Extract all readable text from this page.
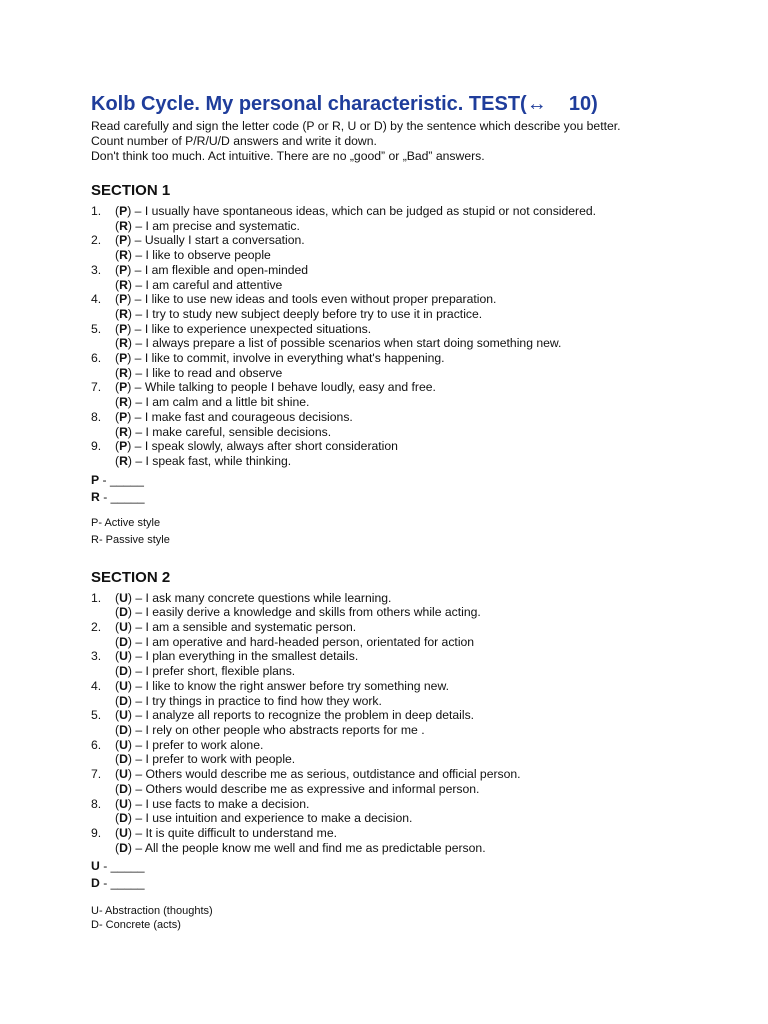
Kolb Cycle. My personal characteristic. TEST(↔    10)
Read carefully and sign the letter code (P or R, U or D) by the sentence which describe you better.
Count number of P/R/U/D answers and write it down.
Don't think too much. Act intuitive. There are no „good” or „Bad” answers.
SECTION 1
1. (P) – I usually have spontaneous ideas, which can be judged as stupid or not considered.
(R) – I am precise and systematic.
2. (P) – Usually I start a conversation.
(R) – I like to observe people
3. (P) – I am flexible and open-minded
(R) – I am careful and attentive
4. (P) – I like to use new ideas and tools even without proper preparation.
(R) – I try to study new subject deeply before try to use it in practice.
5. (P) – I like to experience unexpected situations.
(R) – I always prepare a list of possible scenarios when start doing something new.
6. (P) – I like to commit, involve in everything what's happening.
(R) – I like to read and observe
7. (P) – While talking to people I behave loudly, easy and free.
(R) – I am calm and a little bit shine.
8. (P) – I make fast and courageous decisions.
(R) – I make careful, sensible decisions.
9. (P) – I speak slowly, always after short consideration
(R) – I speak fast, while thinking.
P - _____
R - _____
P- Active style
R- Passive style
SECTION 2
1. (U) – I ask many concrete questions while learning.
(D) – I easily derive a knowledge and skills from others while acting.
2. (U) – I am a sensible and systematic person.
(D) – I am operative and hard-headed person, orientated for action
3. (U) – I plan everything in the smallest details.
(D) – I prefer short, flexible plans.
4. (U) – I like to know the right answer before try something new.
(D) – I try things in practice to find how they work.
5. (U) – I analyze all reports to recognize the problem in deep details.
(D) – I rely on other people who abstracts reports for me .
6. (U) – I prefer to work alone.
(D) – I prefer to work with people.
7. (U) – Others would describe me as serious, outdistance and official person.
(D) – Others would describe me as expressive and informal person.
8. (U) – I use facts to make a decision.
(D) – I use intuition and experience to make a decision.
9. (U) – It is quite difficult to understand me.
(D) – All the people know me well and find me as predictable person.
U - _____
D - _____
U- Abstraction (thoughts)
D- Concrete (acts)
